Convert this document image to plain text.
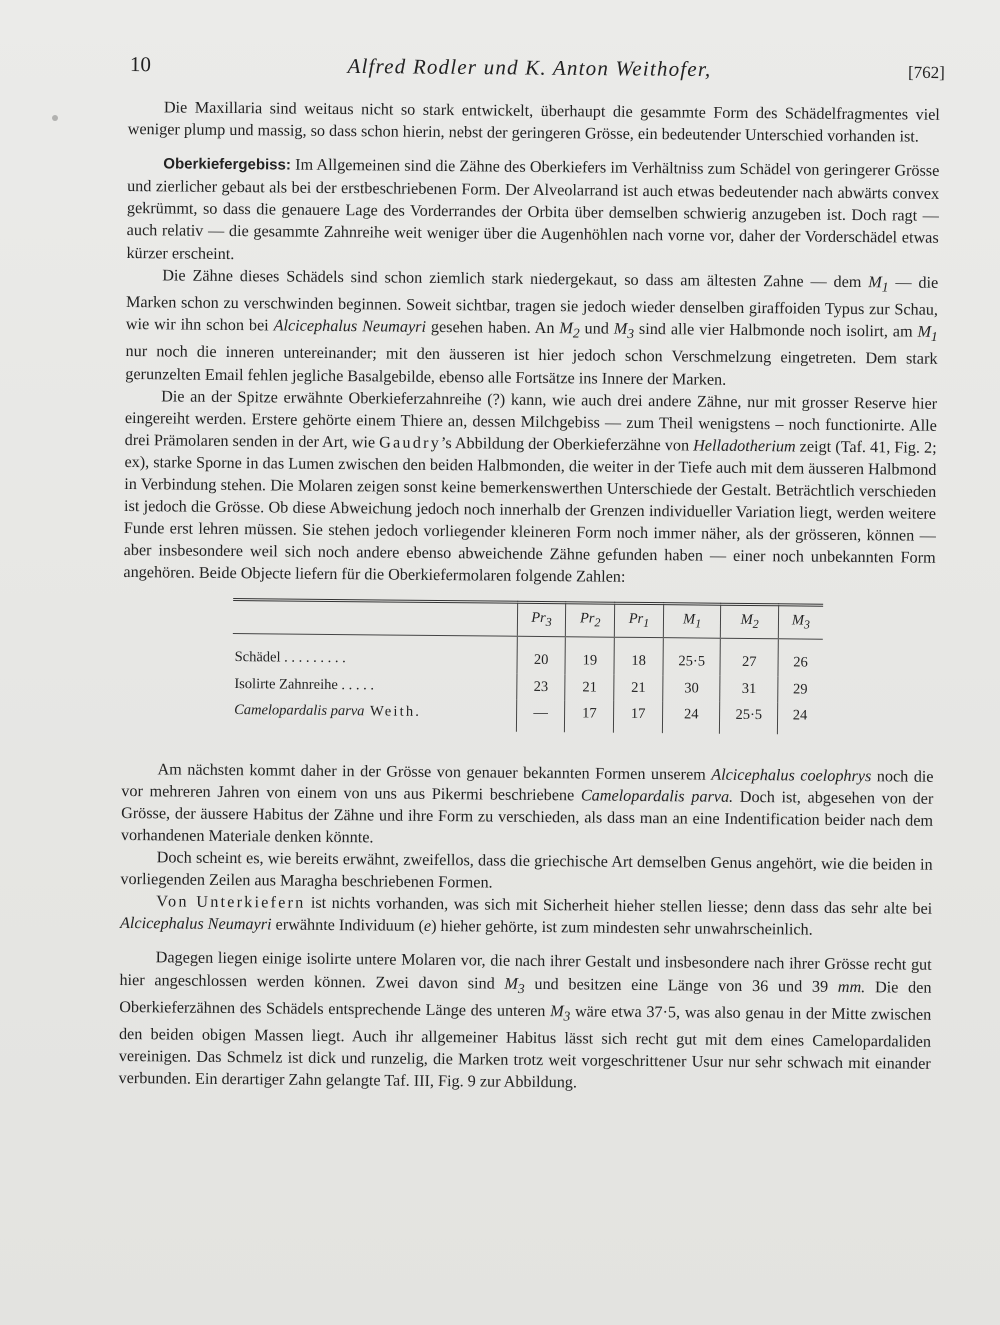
10	Alfred Rodler und K. Anton Weithofer,	[762]

Die Maxillaria sind weitaus nicht so stark entwickelt, überhaupt die gesammte Form des Schädelfragmentes viel weniger plump und massig, so dass schon hierin, nebst der geringeren Grösse, ein bedeutender Unterschied vorhanden ist.

Oberkiefergebiss: Im Allgemeinen sind die Zähne des Oberkiefers im Verhältniss zum Schädel von geringerer Grösse und zierlicher gebaut als bei der erstbeschriebenen Form. Der Alveolarrand ist auch etwas bedeutender nach abwärts convex gekrümmt, so dass die genauere Lage des Vorderrandes der Orbita über demselben schwierig anzugeben ist. Doch ragt — auch relativ — die gesammte Zahnreihe weit weniger über die Augenhöhlen nach vorne vor, daher der Vorderschädel etwas kürzer erscheint.

Die Zähne dieses Schädels sind schon ziemlich stark niedergekaut, so dass am ältesten Zahne — dem $M_1$ — die Marken schon zu verschwinden beginnen. Soweit sichtbar, tragen sie jedoch wieder denselben giraffoiden Typus zur Schau, wie wir ihn schon bei Alcicephalus Neumayri gesehen haben. An $M_2$ und $M_3$ sind alle vier Halbmonde noch isolirt, am $M_1$ nur noch die inneren untereinander; mit den äusseren ist hier jedoch schon Verschmelzung eingetreten. Dem stark gerunzelten Email fehlen jegliche Basalgebilde, ebenso alle Fortsätze ins Innere der Marken.

Die an der Spitze erwähnte Oberkieferzahnreihe (?) kann, wie auch drei andere Zähne, nur mit grosser Reserve hier eingereiht werden. Erstere gehörte einem Thiere an, dessen Milchgebiss — zum Theil wenigstens – noch functionirte. Alle drei Prämolaren senden in der Art, wie Gaudry’s Abbildung der Oberkieferzähne von Helladotherium zeigt (Taf. 41, Fig. 2; ex), starke Sporne in das Lumen zwischen den beiden Halbmonden, die weiter in der Tiefe auch mit dem äusseren Halbmond in Verbindung stehen. Die Molaren zeigen sonst keine bemerkenswerthen Unterschiede der Gestalt. Beträchtlich verschieden ist jedoch die Grösse. Ob diese Abweichung jedoch noch innerhalb der Grenzen individueller Variation liegt, werden weitere Funde erst lehren müssen. Sie stehen jedoch vorliegender kleineren Form noch immer näher, als der grösseren, können — aber insbesondere weil sich noch andere ebenso abweichende Zähne gefunden haben — einer noch unbekannten Form angehören. Beide Objecte liefern für die Oberkiefermolaren folgende Zahlen:

	$Pr_3$	$Pr_2$	$Pr_1$	$M_1$	$M_2$	$M_3$
Schädel . . . . . . . . .	20	19	18	25·5	27	26
Isolirte Zahnreihe . . . . .	23	21	21	30	31	29
Camelopardalis parva Weith.	—	17	17	24	25·5	24

Am nächsten kommt daher in der Grösse von genauer bekannten Formen unserem Alcicephalus coelophrys noch die vor mehreren Jahren von einem von uns aus Pikermi beschriebene Camelopardalis parva. Doch ist, abgesehen von der Grösse, der äussere Habitus der Zähne und ihre Form zu verschieden, als dass man an eine Indentification beider nach dem vorhandenen Materiale denken könnte.

Doch scheint es, wie bereits erwähnt, zweifellos, dass die griechische Art demselben Genus angehört, wie die beiden in vorliegenden Zeilen aus Maragha beschriebenen Formen.

Von Unterkiefern ist nichts vorhanden, was sich mit Sicherheit hieher stellen liesse; denn dass das sehr alte bei Alcicephalus Neumayri erwähnte Individuum (e) hieher gehörte, ist zum mindesten sehr unwahrscheinlich.

Dagegen liegen einige isolirte untere Molaren vor, die nach ihrer Gestalt und insbesondere nach ihrer Grösse recht gut hier angeschlossen werden können. Zwei davon sind $M_3$ und besitzen eine Länge von 36 und 39 mm. Die den Oberkieferzähnen des Schädels entsprechende Länge des unteren $M_3$ wäre etwa 37·5, was also genau in der Mitte zwischen den beiden obigen Massen liegt. Auch ihr allgemeiner Habitus lässt sich recht gut mit dem eines Camelopardaliden vereinigen. Das Schmelz ist dick und runzelig, die Marken trotz weit vorgeschrittener Usur nur sehr schwach mit einander verbunden. Ein derartiger Zahn gelangte Taf. III, Fig. 9 zur Abbildung.
